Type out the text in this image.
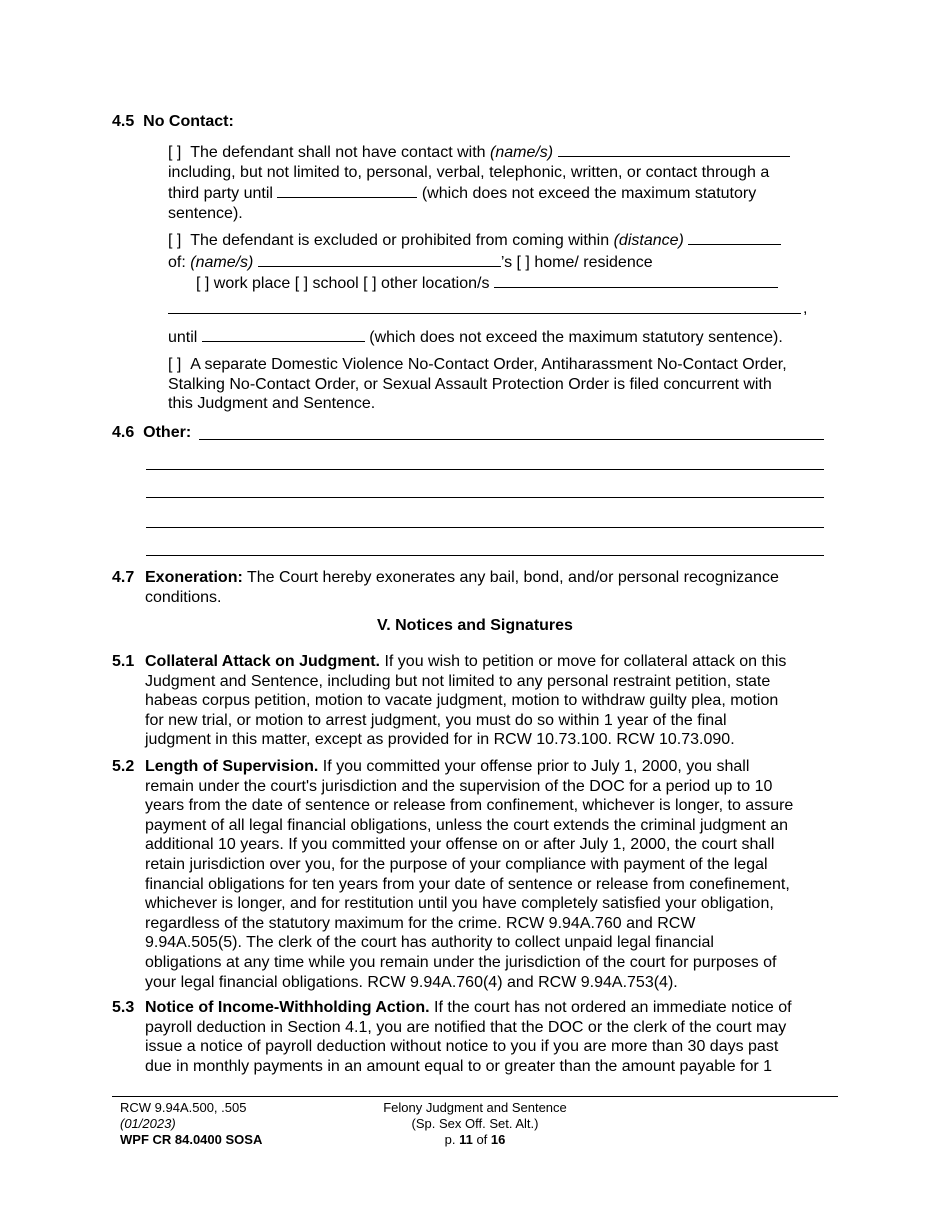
4.5 No Contact:
[ ] The defendant shall not have contact with (name/s)
including, but not limited to, personal, verbal, telephonic, written, or contact through a
third party until	(which does not exceed the maximum statutory
sentence).
[ ] The defendant is excluded or prohibited from coming within (distance)
of: (name/s)	’s [ ] home/ residence
[ ] work place [ ] school [ ] other location/s
,
until	(which does not exceed the maximum statutory sentence).
[ ] A separate Domestic Violence No-Contact Order, Antiharassment No-Contact Order,
Stalking No-Contact Order, or Sexual Assault Protection Order is filed concurrent with
this Judgment and Sentence.
4.6 Other:
4.7 Exoneration: The Court hereby exonerates any bail, bond, and/or personal recognizance
conditions.
V. Notices and Signatures
5.1 Collateral Attack on Judgment. If you wish to petition or move for collateral attack on this
Judgment and Sentence, including but not limited to any personal restraint petition, state
habeas corpus petition, motion to vacate judgment, motion to withdraw guilty plea, motion
for new trial, or motion to arrest judgment, you must do so within 1 year of the final
judgment in this matter, except as provided for in RCW 10.73.100. RCW 10.73.090.
5.2 Length of Supervision. If you committed your offense prior to July 1, 2000, you shall
remain under the court's jurisdiction and the supervision of the DOC for a period up to 10
years from the date of sentence or release from confinement, whichever is longer, to assure
payment of all legal financial obligations, unless the court extends the criminal judgment an
additional 10 years. If you committed your offense on or after July 1, 2000, the court shall
retain jurisdiction over you, for the purpose of your compliance with payment of the legal
financial obligations for ten years from your date of sentence or release from conefinement,
whichever is longer, and for restitution until you have completely satisfied your obligation,
regardless of the statutory maximum for the crime. RCW 9.94A.760 and RCW
9.94A.505(5). The clerk of the court has authority to collect unpaid legal financial
obligations at any time while you remain under the jurisdiction of the court for purposes of
your legal financial obligations. RCW 9.94A.760(4) and RCW 9.94A.753(4).
5.3 Notice of Income-Withholding Action. If the court has not ordered an immediate notice of
payroll deduction in Section 4.1, you are notified that the DOC or the clerk of the court may
issue a notice of payroll deduction without notice to you if you are more than 30 days past
due in monthly payments in an amount equal to or greater than the amount payable for 1
RCW 9.94A.500, .505
(01/2023)
WPF CR 84.0400 SOSA
Felony Judgment and Sentence
(Sp. Sex Off. Set. Alt.)
p. 11 of 16
